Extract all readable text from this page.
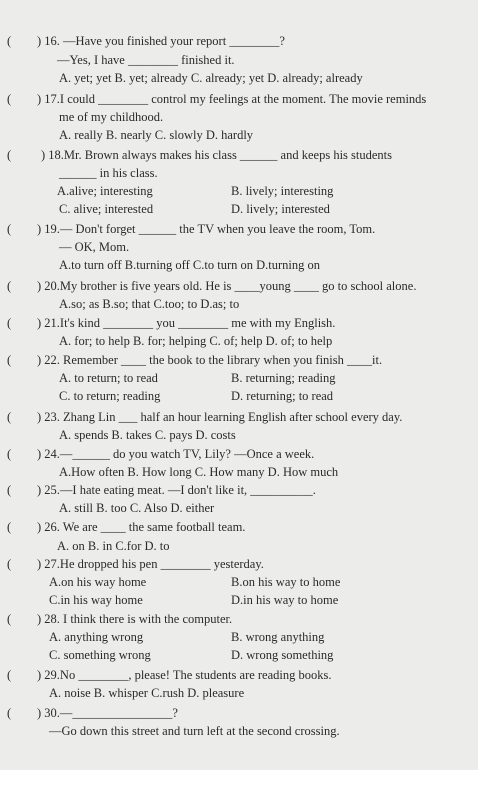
( ) 16. —Have you finished your report ________?
—Yes, I have ________ finished it.
A. yet; yet B. yet; already C. already; yet D. already; already
( ) 17.I could ________ control my feelings at the moment. The movie reminds
me of my childhood.
A. really B. nearly C. slowly D. hardly
( ) 18.Mr. Brown always makes his class ______ and keeps his students
______ in his class.
A.alive; interesting	B. lively; interesting
C. alive; interested	D. lively; interested
( ) 19.— Don't forget ______ the TV when you leave the room, Tom.
— OK, Mom.
A.to turn off B.turning off C.to turn on D.turning on
( ) 20.My brother is five years old. He is ____young ____ go to school alone.
A.so; as B.so; that C.too; to D.as; to
( ) 21.It's kind ________ you ________ me with my English.
A. for; to help B. for; helping C. of; help D. of; to help
( ) 22. Remember ____ the book to the library when you finish ____it.
A. to return; to read	B. returning; reading
C. to return; reading	D. returning; to read
( ) 23. Zhang Lin ___ half an hour learning English after school every day.
A. spends B. takes C. pays D. costs
( ) 24.—______ do you watch TV, Lily? —Once a week.
A.How often B. How long C. How many D. How much
( ) 25.—I hate eating meat. —I don't like it, __________.
A. still B. too C. Also D. either
( ) 26. We are ____ the same football team.
A. on B. in C.for D. to
( ) 27.He dropped his pen ________ yesterday.
A.on his way home	B.on his way to home
C.in his way home	D.in his way to home
( ) 28. I think there is with the computer.
A. anything wrong	B. wrong anything
C. something wrong	D. wrong something
( ) 29.No ________, please! The students are reading books.
A. noise B. whisper C.rush D. pleasure
( ) 30.—________________?
—Go down this street and turn left at the second crossing.
